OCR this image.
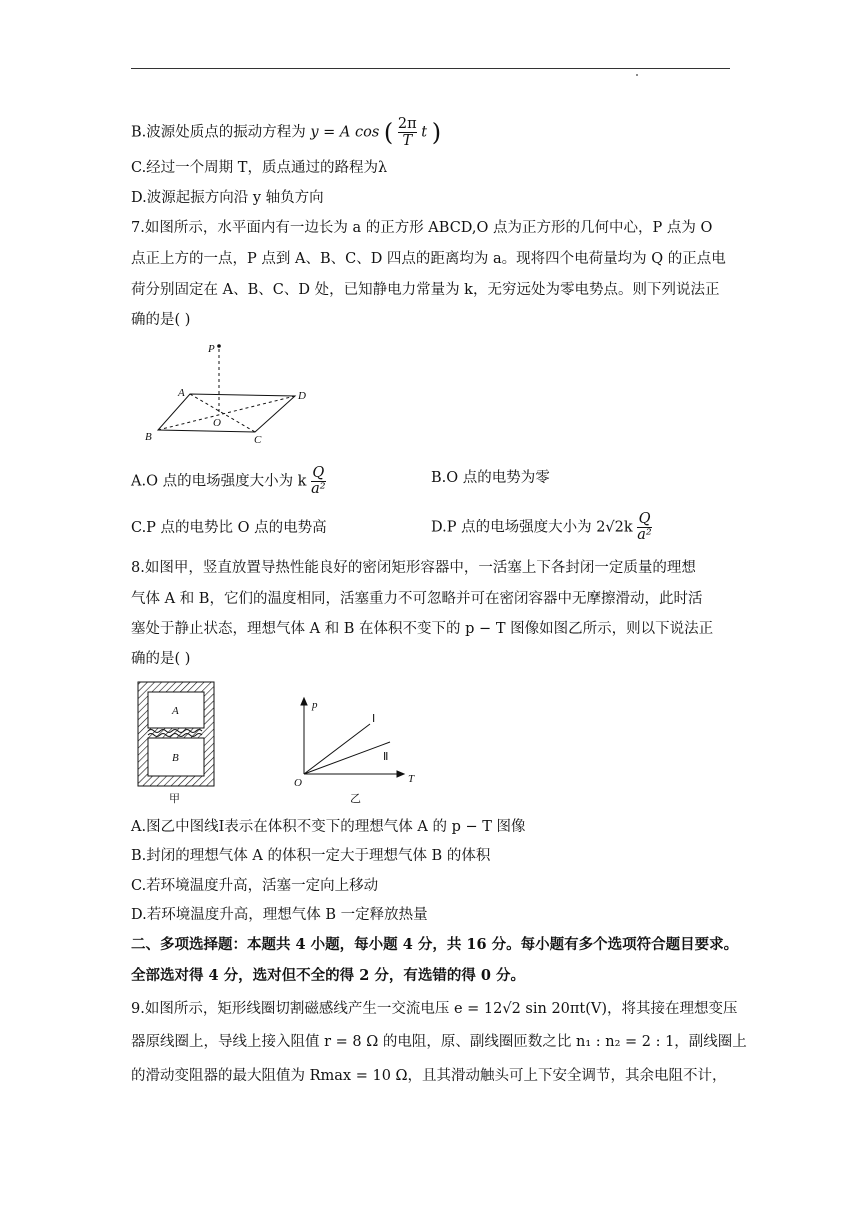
B.波源处质点的振动方程为 y = A cos ( $\frac{2\pi}{T}$ t )
C.经过一个周期 T，质点通过的路程为λ
D.波源起振方向沿 y 轴负方向
7.如图所示，水平面内有一边长为 a 的正方形 ABCD,O 点为正方形的几何中心，P 点为 O
点正上方的一点，P 点到 A、B、C、D 四点的距离均为 a。现将四个电荷量均为 Q 的正点电
荷分别固定在 A、B、C、D 处，已知静电力常量为 k，无穷远处为零电势点。则下列说法正
确的是( )
P
A	D
B	C
O
A.O 点的电场强度大小为 k $\frac{Q}{\text{a²}}$	B.O 点的电势为零
C.P 点的电势比 O 点的电势高	D.P 点的电场强度大小为 $2√2k \frac{Q}{\text{a²}}$
8.如图甲，竖直放置导热性能良好的密闭矩形容器中，一活塞上下各封闭一定质量的理想
气体 A 和 B，它们的温度相同，活塞重力不可忽略并可在密闭容器中无摩擦滑动，此时活
塞处于静止状态，理想气体 A 和 B 在体积不变下的 p − T 图像如图乙所示，则以下说法正
确的是( )
A
B
甲
p
T
O
Ⅰ
Ⅱ
乙
A.图乙中图线Ⅰ表示在体积不变下的理想气体 A 的 p − T 图像
B.封闭的理想气体 A 的体积一定大于理想气体 B 的体积
C.若环境温度升高，活塞一定向上移动
D.若环境温度升高，理想气体 B 一定释放热量
二、多项选择题：本题共 4 小题，每小题 4 分，共 16 分。每小题有多个选项符合题目要求。
全部选对得 4 分，选对但不全的得 2 分，有选错的得 0 分。
9.如图所示，矩形线圈切割磁感线产生一交流电压 e = 12√2 sin 20πt(V)，将其接在理想变压
器原线圈上，导线上接入阻值 r = 8 Ω 的电阻，原、副线圈匝数之比 n₁ : n₂ = 2 : 1，副线圈上
的滑动变阻器的最大阻值为 Rmax = 10 Ω，且其滑动触头可上下安全调节，其余电阻不计，
